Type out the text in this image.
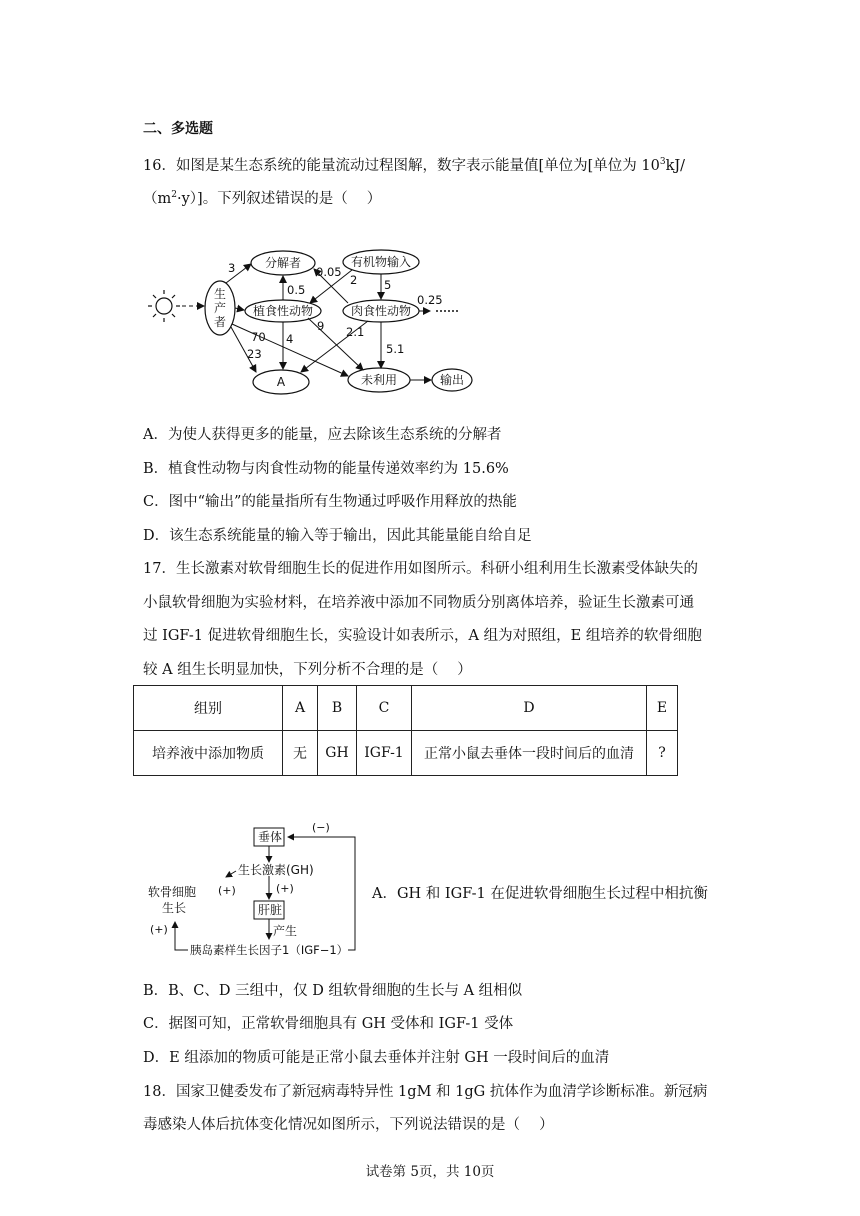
二、多选题
16．如图是某生态系统的能量流动过程图解，数字表示能量值[单位为[单位为 $10^3kJ/$
$(m^2\cdot y)$]。下列叙述错误的是（　 ）
分解者	有机物输入
植食性动物	肉食性动物
A	未利用	输出
生产者
3	0.05
2 5
0.5
9
0.25
70 4	2.1
23	5.1
A．为使人获得更多的能量，应去除该生态系统的分解者
B．植食性动物与肉食性动物的能量传递效率约为 15.6%
C．图中“输出”的能量指所有生物通过呼吸作用释放的热能
D．该生态系统能量的输入等于输出，因此其能量能自给自足
17．生长激素对软骨细胞生长的促进作用如图所示。科研小组利用生长激素受体缺失的
小鼠软骨细胞为实验材料，在培养液中添加不同物质分别离体培养，验证生长激素可通
过 IGF-1 促进软骨细胞生长，实验设计如表所示，A 组为对照组，E 组培养的软骨细胞
较 A 组生长明显加快，下列分析不合理的是（　 ）
组别	A	B	C	D	E
培养液中添加物质	无	GH	IGF-1	正常小鼠去垂体一段时间后的血清	?
垂体
肝脏
生长激素(GH)
软骨细胞
生长
产生
胰岛素样生长因子1（IGF−1）
(+)	(+)
(+)
(−)
A．GH 和 IGF-1 在促进软骨细胞生长过程中相抗衡
B．B、C、D 三组中，仅 D 组软骨细胞的生长与 A 组相似
C．据图可知，正常软骨细胞具有 GH 受体和 IGF-1 受体
D．E 组添加的物质可能是正常小鼠去垂体并注射 GH 一段时间后的血清
18．国家卫健委发布了新冠病毒特异性 1gM 和 1gG 抗体作为血清学诊断标准。新冠病
毒感染人体后抗体变化情况如图所示，下列说法错误的是（　 ）
试卷第 5页，共 10页
